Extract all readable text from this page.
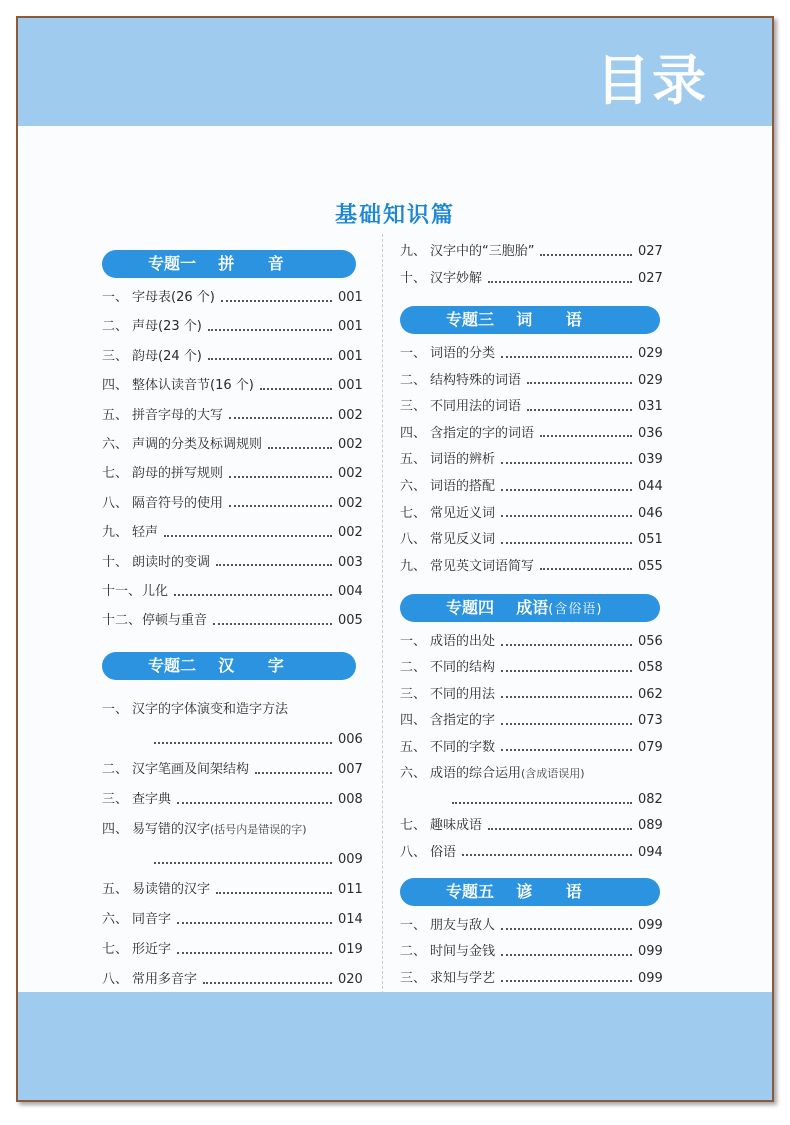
目录
基础知识篇
专题一    拼      音
一、 字母表(26 个)	001
二、 声母(23 个)	001
三、 韵母(24 个)	001
四、 整体认读音节(16 个)	001
五、 拼音字母的大写	002
六、 声调的分类及标调规则	002
七、 韵母的拼写规则	002
八、 隔音符号的使用	002
九、 轻声	002
十、 朗读时的变调	003
十一、 儿化	004
十二、 停顿与重音	005
专题二    汉      字
一、 汉字的字体演变和造字方法
006
二、 汉字笔画及间架结构	007
三、 查字典	008
四、 易写错的汉字(括号内是错误的字)
009
五、 易读错的汉字	011
六、 同音字	014
七、 形近字	019
八、 常用多音字	020
九、 汉字中的“三胞胎”	027
十、 汉字妙解	027
专题三    词      语
一、 词语的分类	029
二、 结构特殊的词语	029
三、 不同用法的词语	031
四、 含指定的字的词语	036
五、 词语的辨析	039
六、 词语的搭配	044
七、 常见近义词	046
八、 常见反义词	051
九、 常见英文词语简写	055
专题四    成语(含俗语)
一、 成语的出处	056
二、 不同的结构	058
三、 不同的用法	062
四、 含指定的字	073
五、 不同的字数	079
六、 成语的综合运用(含成语误用)
082
七、 趣味成语	089
八、 俗语	094
专题五    谚      语
一、 朋友与敌人	099
二、 时间与金钱	099
三、 求知与学艺	099
